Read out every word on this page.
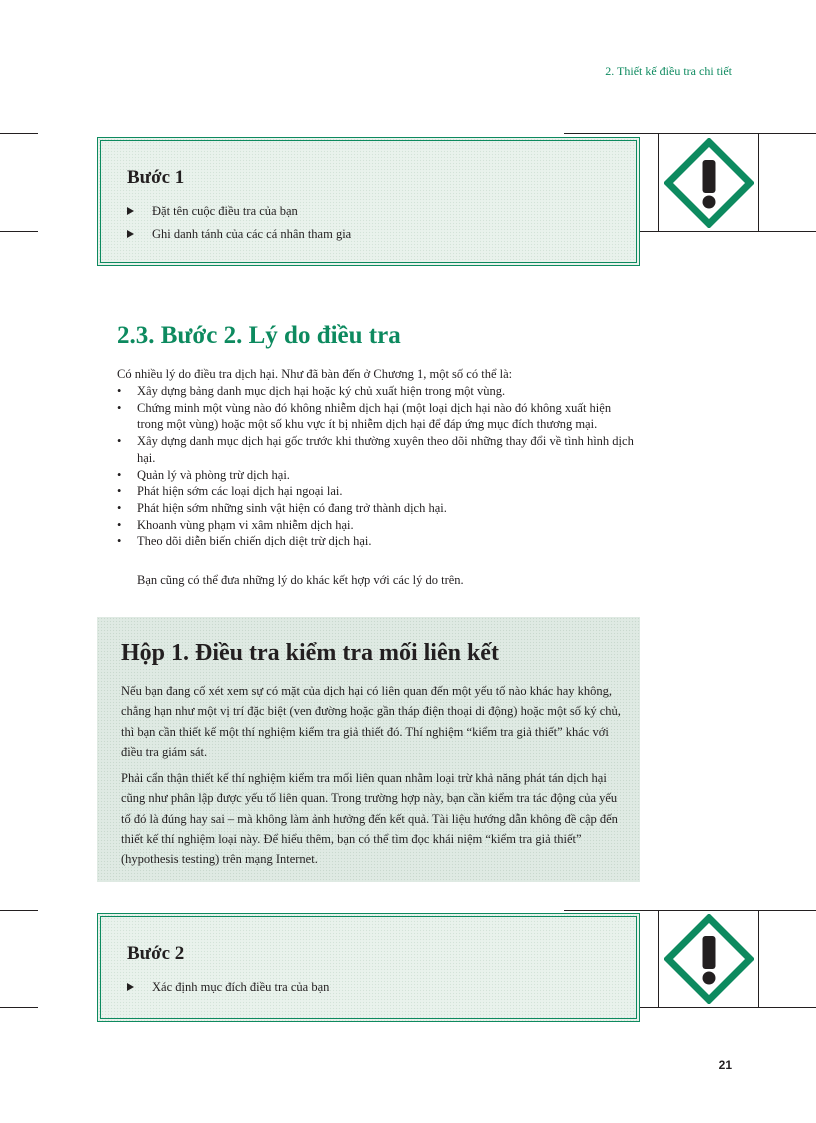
2. Thiết kế điều tra chi tiết
Bước 1
Đặt tên cuộc điều tra của bạn
Ghi danh tánh của các cá nhân tham gia
2.3. Bước 2. Lý do điều tra
Có nhiều lý do điều tra dịch hại. Như đã bàn đến ở Chương 1, một số có thể là:
• Xây dựng bảng danh mục dịch hại hoặc ký chủ xuất hiện trong một vùng.
• Chứng minh một vùng nào đó không nhiễm dịch hại (một loại dịch hại nào đó không xuất hiện trong một vùng) hoặc một số khu vực ít bị nhiễm dịch hại để đáp ứng mục đích thương mại.
• Xây dựng danh mục dịch hại gốc trước khi thường xuyên theo dõi những thay đổi về tình hình dịch hại.
• Quản lý và phòng trừ dịch hại.
• Phát hiện sớm các loại dịch hại ngoại lai.
• Phát hiện sớm những sinh vật hiện có đang trở thành dịch hại.
• Khoanh vùng phạm vi xâm nhiễm dịch hại.
• Theo dõi diễn biến chiến dịch diệt trừ dịch hại.
Bạn cũng có thể đưa những lý do khác kết hợp với các lý do trên.
Hộp 1. Điều tra kiểm tra mối liên kết
Nếu bạn đang cố xét xem sự có mặt của dịch hại có liên quan đến một yếu tố nào khác hay không, chẳng hạn như một vị trí đặc biệt (ven đường hoặc gần tháp điện thoại di động) hoặc một số ký chủ, thì bạn cần thiết kế một thí nghiệm kiểm tra giả thiết đó. Thí nghiệm “kiểm tra giả thiết” khác với điều tra giám sát.
Phải cẩn thận thiết kế thí nghiệm kiểm tra mối liên quan nhằm loại trừ khả năng phát tán dịch hại cũng như phân lập được yếu tố liên quan. Trong trường hợp này, bạn cần kiểm tra tác động của yếu tố đó là đúng hay sai – mà không làm ảnh hưởng đến kết quả. Tài liệu hướng dẫn không đề cập đến thiết kế thí nghiệm loại này. Để hiểu thêm, bạn có thể tìm đọc khái niệm “kiểm tra giả thiết” (hypothesis testing) trên mạng Internet.
Bước 2
Xác định mục đích điều tra của bạn
21
